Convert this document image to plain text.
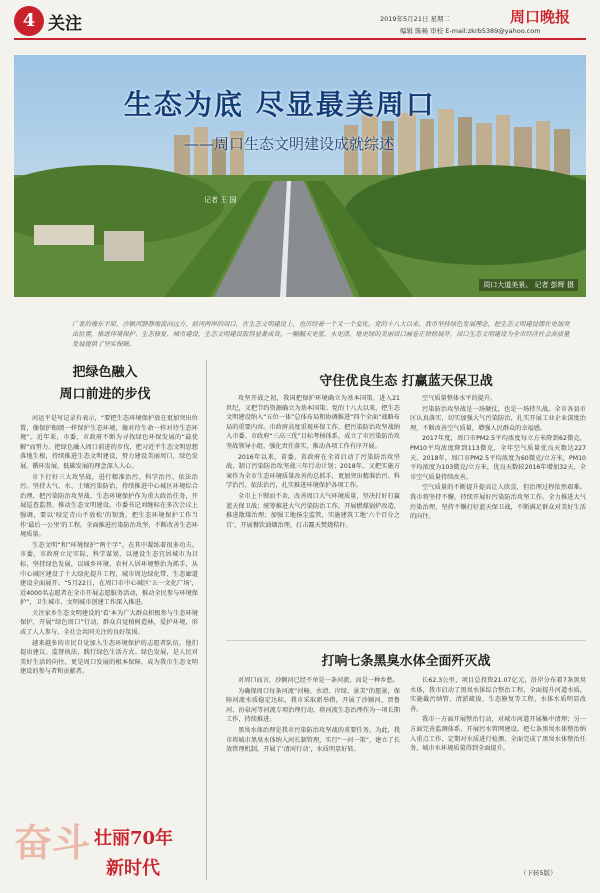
4 关注	2019年5月21日 星期二
编辑 陈畅 审校 E-mail:zkrb5389@yahoo.com
周口晚报
生态为底 尽显最美周口
——周口生态文明建设成就综述
记者 王 国
周口大道美景。 记者 彭辉 摄
广袤的豫东平原，沙颍河静静地流向远方，前河两岸的周口，在生态文明建设上，也历经着一个又一个变化。党的十八大以来，我市坚持绿色发展理念，把生态文明建设摆在更加突出位置，推进环境保护、生态修复、城市建设，生态文明建设取得显著成效。一幅幅天更蓝、水更清、地更绿的美丽周口画卷正徐徐展开，周口生态文明建设为全市经济社会高质量发展提供了坚实保障。
把绿色融入
周口前进的步伐

河运平是写记录有表示，“要把生态环境保护放在更加突出位置，像保护眼睛一样保护生态环境，像对待生命一样对待生态环境”。近年来，市委、市政府不断为寻找绿色环保发展的“最优解”而努力。把绿色融入周口前进的步伐，把习近平生态文明思想落地生根，持续推进生态文明建设，努力建设美丽周口，绿色发展、循环发展、低碳发展的理念深入人心。

市下打好三大攻坚战，进行精准治污、科学治污、依法治污。坚持大气、水、土壤污染防治，持续推进中心城区环境综合治理，把污染防治攻坚战、生态环境保护作为重大政治任务，开展巡查监督，推动生态文明建设。市委书记刘继标在多次会议上强调，要以‘咬定青山不放松’的韧劲，把生态环境保护工作当作‘最后一公里’的工程，全面推进污染防治攻坚，不断改善生态环境质量。

生态文明“和”环境保护“两个字”，在其中凝练着很多功夫。市委、市政府立足实际，科学谋划，以建设生态宜居城市为目标，坚持绿色发展，以城乡环境、农村人居环境整治为抓手，从中心城区建设了十大绿化提升工程，城市周边绿化带、生态廊道建设全面展开。“5月22日，在周口市中心城区‘五一文化广场’，近4000名志愿者在全市开展志愿服务活动，推动全民参与环境保护”，卫生城市、文明城市创建工作深入推进。

关注家乡生态文明建设的‘看’本为广大群众积极参与生态环境保护，开展“绿色周口”行动，群众自觉植树造林，爱护环境，形成了人人参与、全社会共同关注的良好氛围。

越来越多的市民自觉加入生态环境保护的志愿者队伍，他们提出建议、监督执法，践行绿色生活方式。绿色发展，是人民对美好生活的向往，更是周口发展的根本保障，成为我市生态文明建设的参与者和贡献者。

守住优良生态 打赢蓝天保卫战

攻坚开战之初，我国把保护环境确立为基本国策，进入21世纪，又把节约资源确立为基本国策；党的十八大以来，把生态文明建设纳入“五位一体”总体布局和协调推进“四个全面”战略布局的重要内容。市政府高度重视环保工作，把污染防治攻坚战纳入市委、市政府“三高三优”目标考核体系，成立了市污染防治攻坚战领导小组，强化责任落实，推动各项工作有序开展。

2016年以来，省委、省政府在全省启动了污染防治攻坚战，制订污染防治攻坚战三年行动计划；2018年，又把实施方案作为全市生态环境质量改善的总抓手，更加突出精准治污、科学治污、依法治污，扎实推进环境保护各项工作。

全市上下锲而不舍，改善周口大气环境质量，坚决打好打赢蓝天保卫战；统筹推进大气污染防治工作，开展燃煤锅炉改造，推进散煤治理；加强工地扬尘监管，实施建筑工地‘六个百分之百’，开展餐饮油烟治理，打击露天焚烧秸秆。

空气质量整体水平的提升。

污染防治攻坚战是一场硬仗，也是一场持久战。全市各县市区认真落实，切实加强大气污染防治，扎实开展工业企业深度治理，不断改善空气质量，增强人民群众的幸福感。

2017年度，周口市PM2.5平均浓度每立方米降到62微克，PM10平均浓度降到113微克，全年空气质量优良天数达227天。2018年，周口市PM2.5平均浓度为60微克/立方米，PM10平均浓度为103微克/立方米，优良天数较2016年增加32天，全市空气质量持续改善。

空气质量的不断提升提高让人欣喜，但治理过程依然艰难。我市将坚持不懈，持续开展好污染防治攻坚工作。全力推进大气污染治理，坚持不懈打好蓝天保卫战，不断满足群众对美好生活的向往。

打响七条黑臭水体全面歼灭战

对周口而言，沙颍河已经不单是一条河流，而是一种乡愁。

为确保周口每条河流“河畅、水清、岸绿、景美”的愿景，保障河流水质稳定达标，我市采取新举措，开展了沙颍河、贾鲁河、汾泉河等河流专项治理行动，将河流生态治理作为一项长期工作，持续推进。

黑臭水体治理是我市污染防治攻坚战的重要任务，为此，我市将城市黑臭水体纳入河长制管理，实行“一河一策”，建立了长效管理机制，开展了‘清河行动’，水质明显好转。

长62.3公里，项目总投资21.07亿元，沿岸分布着7条黑臭水体，我市启动了黑臭水体综合整治工程，全面提升河道水质，实施截污纳管、清淤疏浚、生态修复等工程，水体水质明显改善。

我市一方面开展整治行动，对城市河道开展集中清理；另一方面完善监测体系，开展污水管网建设，把七条黑臭水体整治纳入重点工作，定期对水质进行检测，全面完成了黑臭水体整治任务，城市水环境质量得到全面提升。

（下转5版）
奋斗 壮丽70年
新时代
